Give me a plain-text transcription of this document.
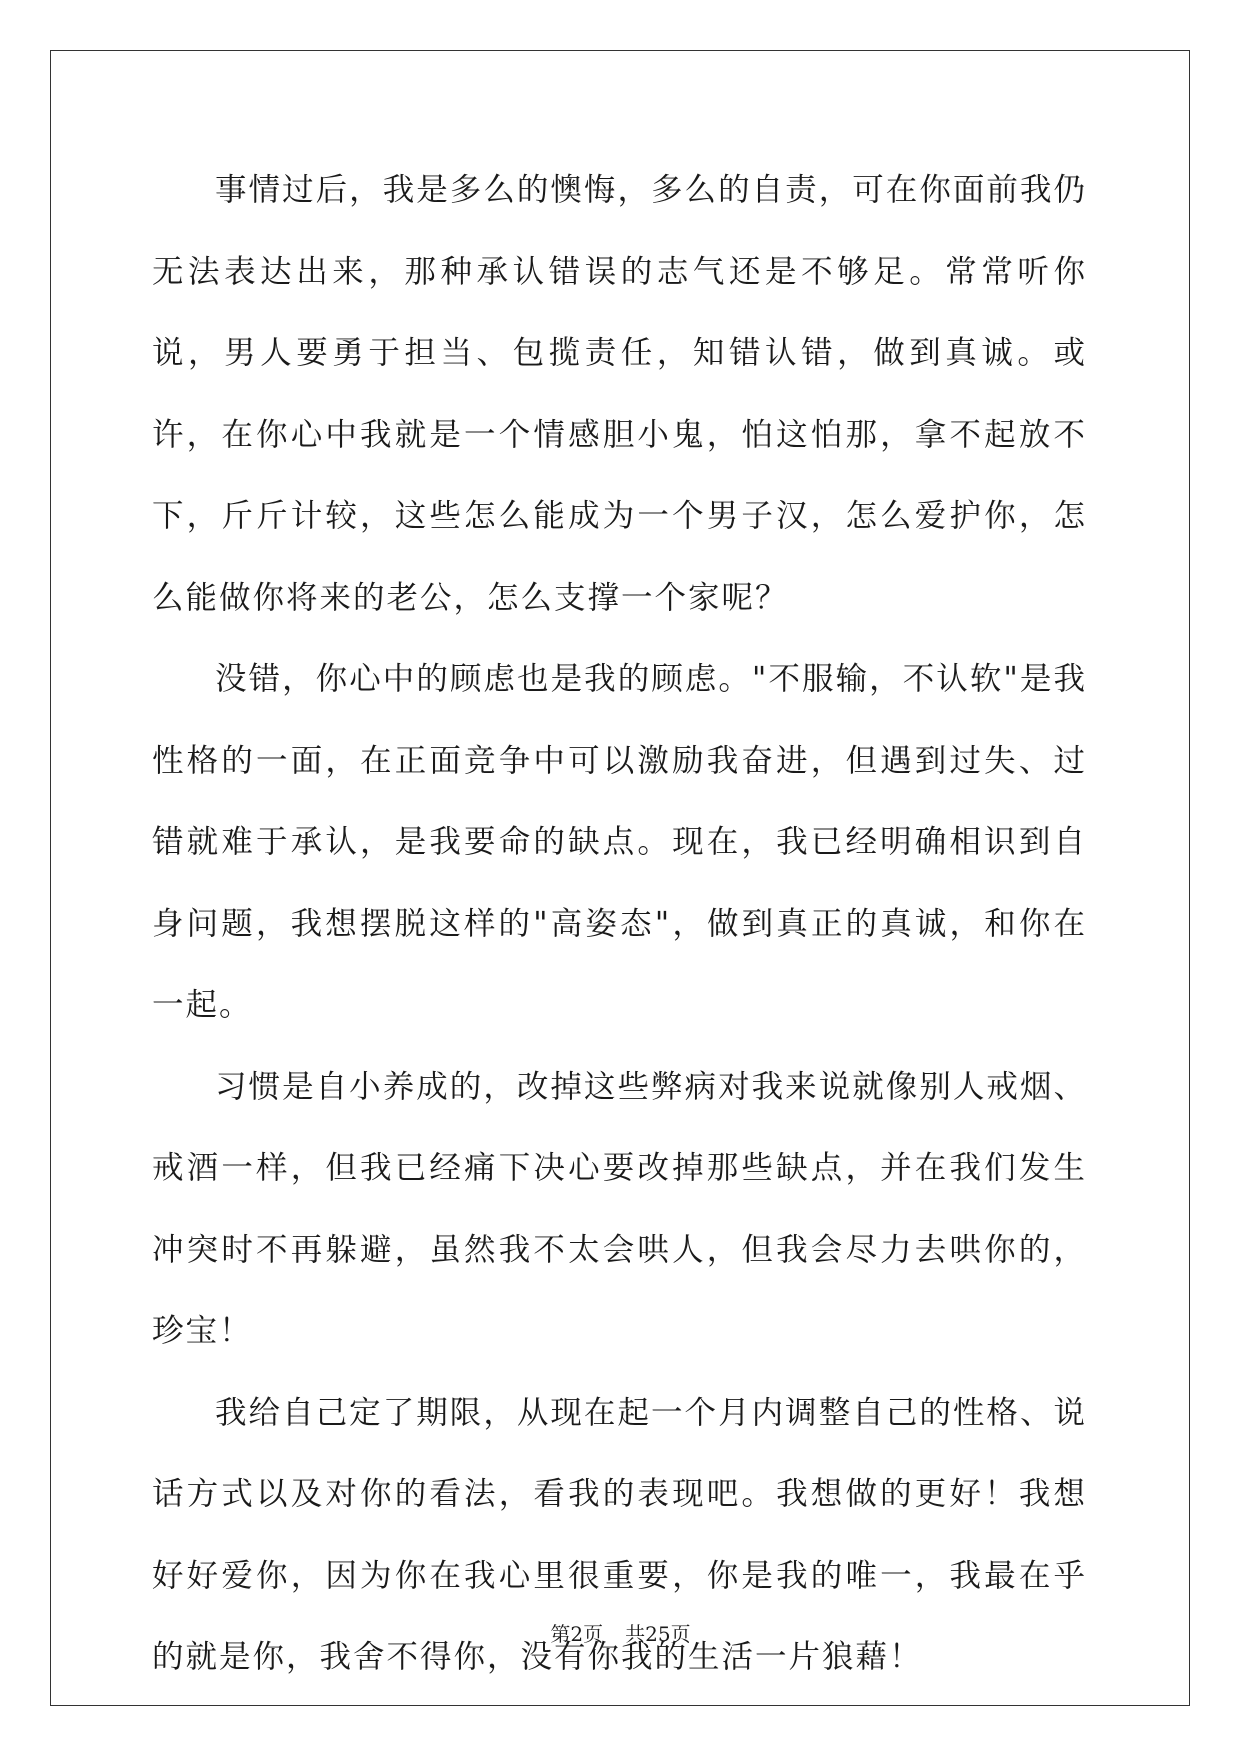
事情过后，我是多么的懊悔，多么的自责，可在你面前我仍无法表达出来，那种承认错误的志气还是不够足。常常听你说，男人要勇于担当、包揽责任，知错认错，做到真诚。或许，在你心中我就是一个情感胆小鬼，怕这怕那，拿不起放不下，斤斤计较，这些怎么能成为一个男子汉，怎么爱护你，怎么能做你将来的老公，怎么支撑一个家呢？

没错，你心中的顾虑也是我的顾虑。"不服输，不认软"是我性格的一面，在正面竞争中可以激励我奋进，但遇到过失、过错就难于承认，是我要命的缺点。现在，我已经明确相识到自身问题，我想摆脱这样的"高姿态"，做到真正的真诚，和你在一起。

习惯是自小养成的，改掉这些弊病对我来说就像别人戒烟、戒酒一样，但我已经痛下决心要改掉那些缺点，并在我们发生冲突时不再躲避，虽然我不太会哄人，但我会尽力去哄你的，珍宝！

我给自己定了期限，从现在起一个月内调整自己的性格、说话方式以及对你的看法，看我的表现吧。我想做的更好！我想好好爱你，因为你在我心里很重要，你是我的唯一，我最在乎的就是你，我舍不得你，没有你我的生活一片狼藉！

第2页 共25页
